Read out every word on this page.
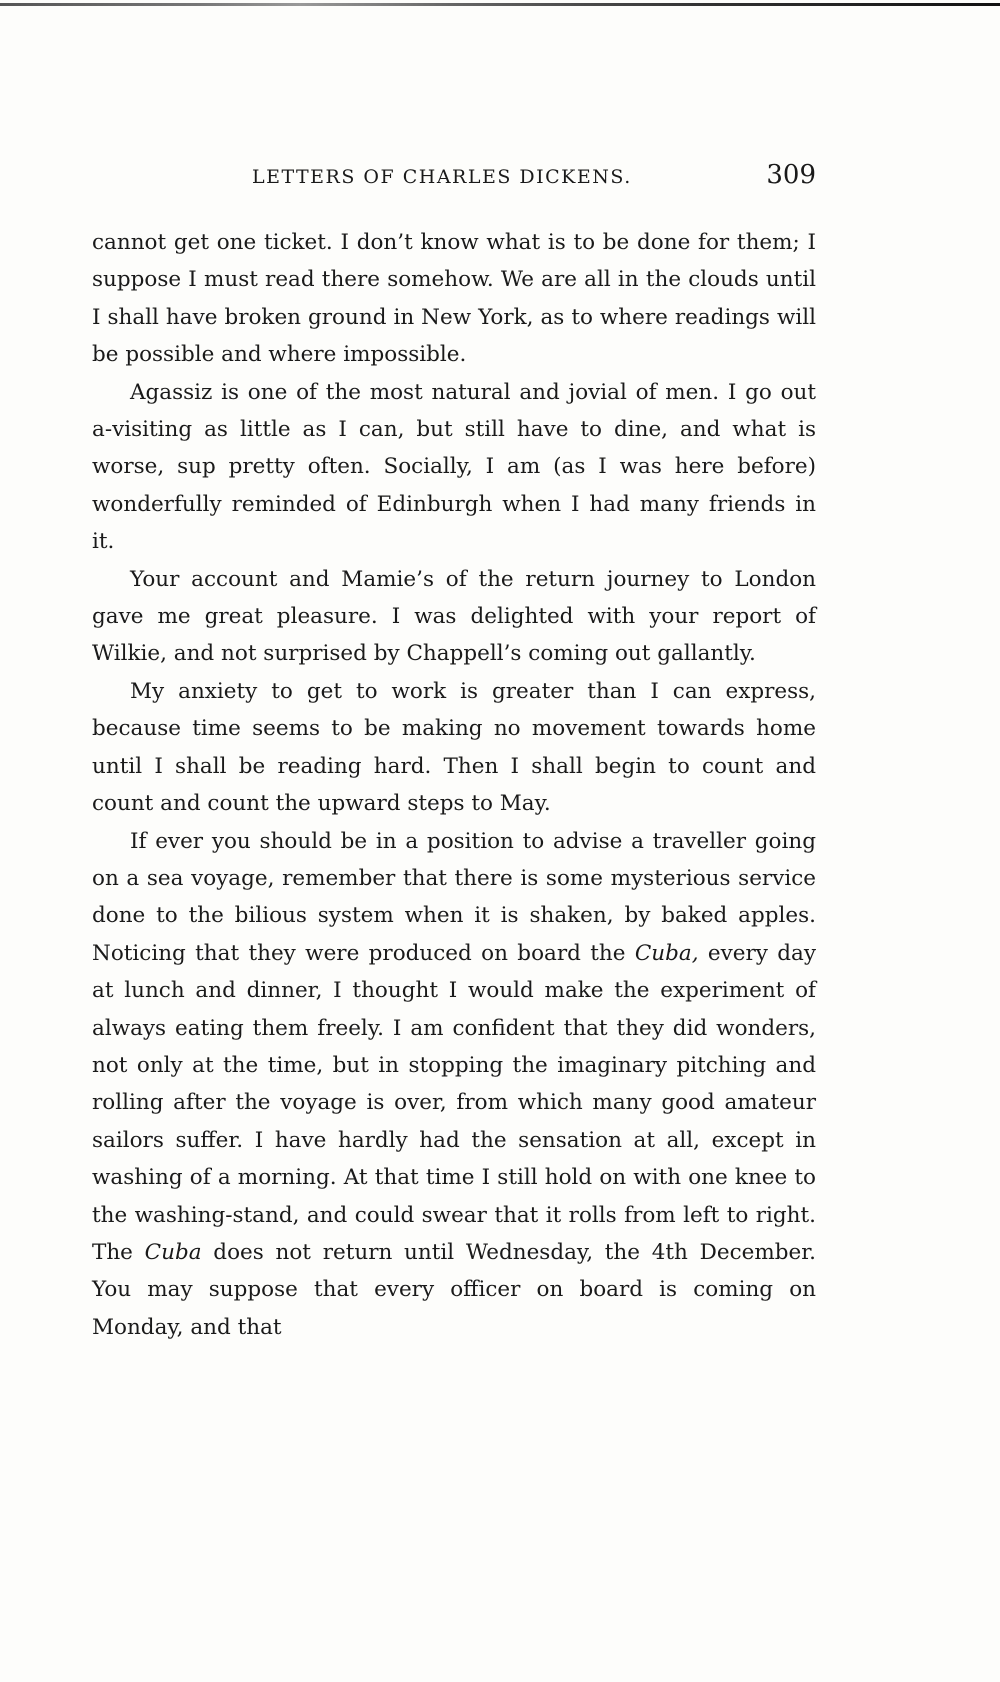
LETTERS OF CHARLES DICKENS.	309

cannot get one ticket. I don’t know what is to be done for them; I suppose I must read there somehow. We are all in the clouds until I shall have broken ground in New York, as to where readings will be possible and where impossible.

Agassiz is one of the most natural and jovial of men. I go out a-visiting as little as I can, but still have to dine, and what is worse, sup pretty often. Socially, I am (as I was here before) wonderfully reminded of Edinburgh when I had many friends in it.

Your account and Mamie’s of the return journey to London gave me great pleasure. I was delighted with your report of Wilkie, and not surprised by Chappell’s coming out gallantly.

My anxiety to get to work is greater than I can express, because time seems to be making no movement towards home until I shall be reading hard. Then I shall begin to count and count and count the upward steps to May.

If ever you should be in a position to advise a traveller going on a sea voyage, remember that there is some mysterious service done to the bilious system when it is shaken, by baked apples. Noticing that they were produced on board the Cuba, every day at lunch and dinner, I thought I would make the experiment of always eating them freely. I am confident that they did wonders, not only at the time, but in stopping the imaginary pitching and rolling after the voyage is over, from which many good amateur sailors suffer. I have hardly had the sensation at all, except in washing of a morning. At that time I still hold on with one knee to the washing-stand, and could swear that it rolls from left to right. The Cuba does not return until Wednesday, the 4th December. You may suppose that every officer on board is coming on Monday, and that
